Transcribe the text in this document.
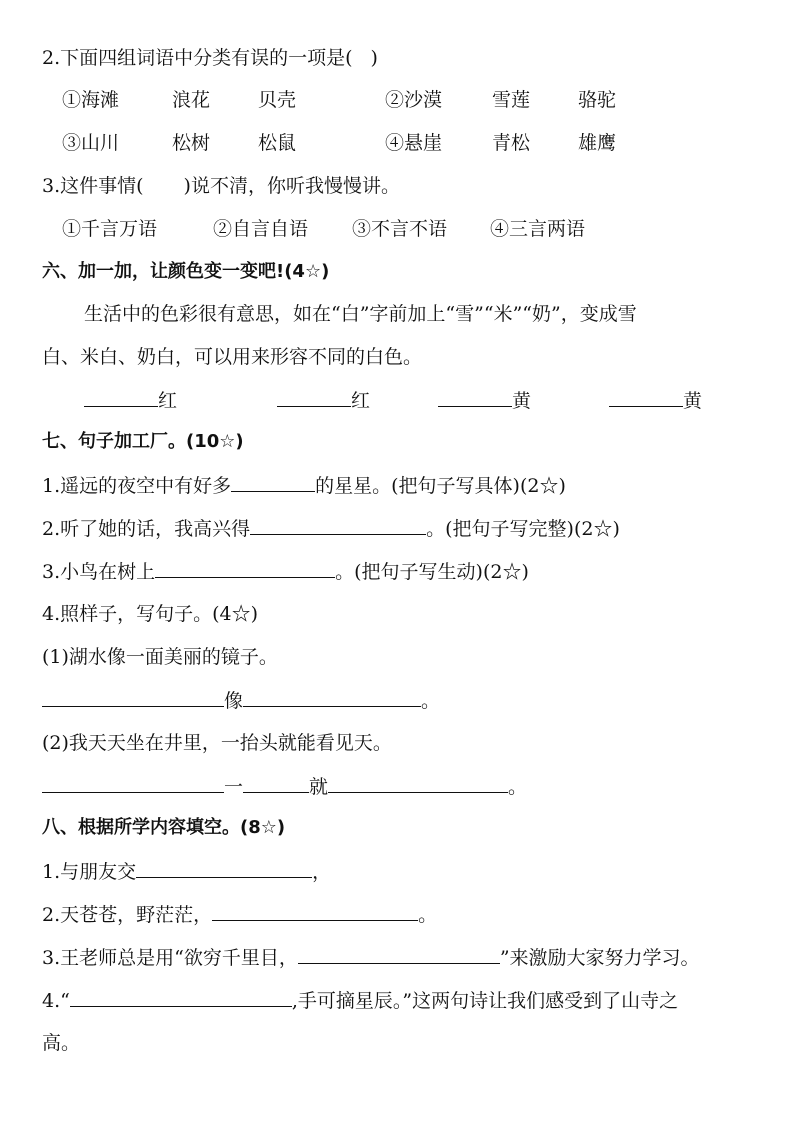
2.下面四组词语中分类有误的一项是( )
①海滩	浪花	贝壳	②沙漠	雪莲	骆驼
③山川	松树	松鼠	④悬崖	青松	雄鹰
3.这件事情( )说不清，你听我慢慢讲。
①千言万语	②自言自语 ③不言不语 ④三言两语
六、加一加，让颜色变一变吧!(4☆)
生活中的色彩很有意思，如在“白”字前加上“雪”“米”“奶”，变成雪
白、米白、奶白，可以用来形容不同的白色。
红	红	黄	黄
七、句子加工厂。(10☆)
1.遥远的夜空中有好多	的星星。(把句子写具体)(2☆)
2.听了她的话，我高兴得	。(把句子写完整)(2☆)
3.小鸟在树上	。(把句子写生动)(2☆)
4.照样子，写句子。(4☆)
(1)湖水像一面美丽的镜子。
像	。
(2)我天天坐在井里，一抬头就能看见天。
一	就	。
八、根据所学内容填空。(8☆)
1.与朋友交	，
2.天苍苍，野茫茫，	。
3.王老师总是用“欲穷千里目，	”来激励大家努力学习。
4.“	,手可摘星辰。”这两句诗让我们感受到了山寺之
高。
